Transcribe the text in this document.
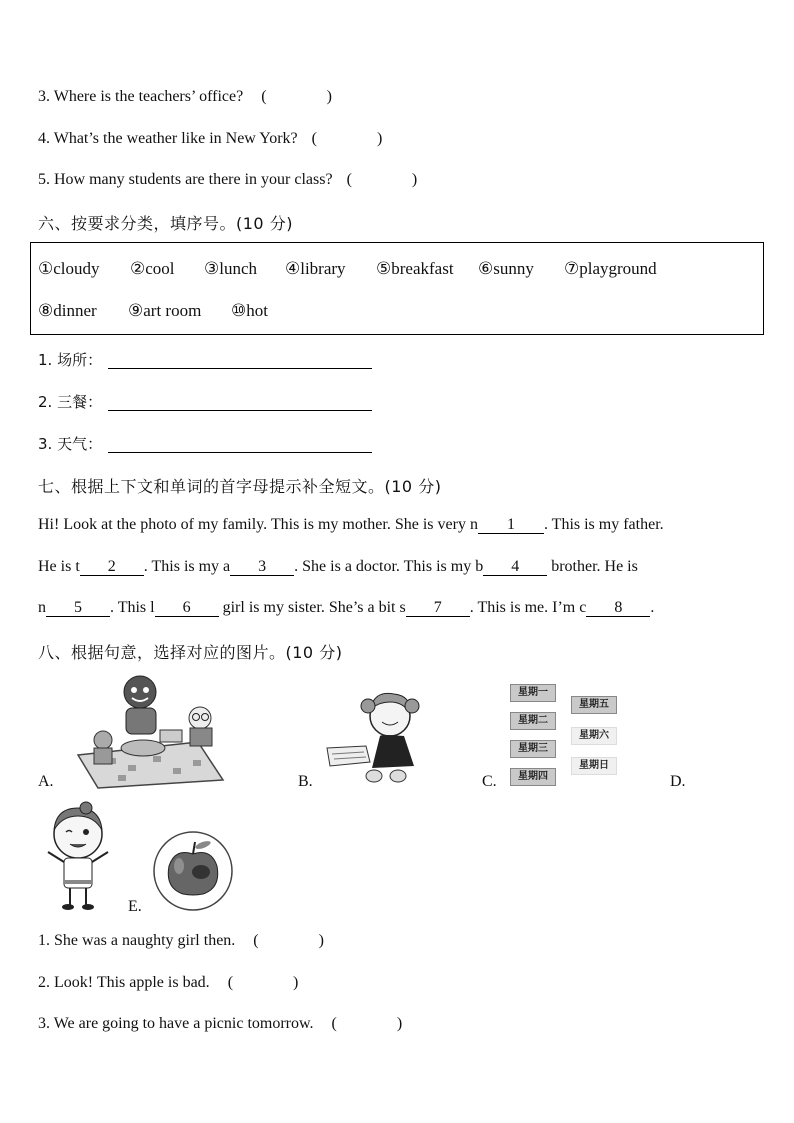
3. Where is the teachers’ office? (	)
4. What’s the weather like in New York? (	)
5. How many students are there in your class? (	)
六、按要求分类，填序号。(10 分)
①cloudy ②cool ③lunch ④library ⑤breakfast ⑥sunny ⑦playground
⑧dinner ⑨art room ⑩hot
1. 场所：
2. 三餐：
3. 天气：
七、根据上下文和单词的首字母提示补全短文。(10 分)
Hi! Look at the photo of my family. This is my mother. She is very n 1 . This is my father.
He is t 2 . This is my a 3 . She is a doctor. This is my b 4 brother. He is
n 5 . This l 6 girl is my sister. She’s a bit s 7 . This is me. I’m c 8 .
八、根据句意，选择对应的图片。(10 分)
A.	B.
星期一
星期二
星期三
星期四
星期五
星期六
星期日
C.	D.
E.
1. She was a naughty girl then. (	)
2. Look! This apple is bad. (	)
3. We are going to have a picnic tomorrow. (	)
